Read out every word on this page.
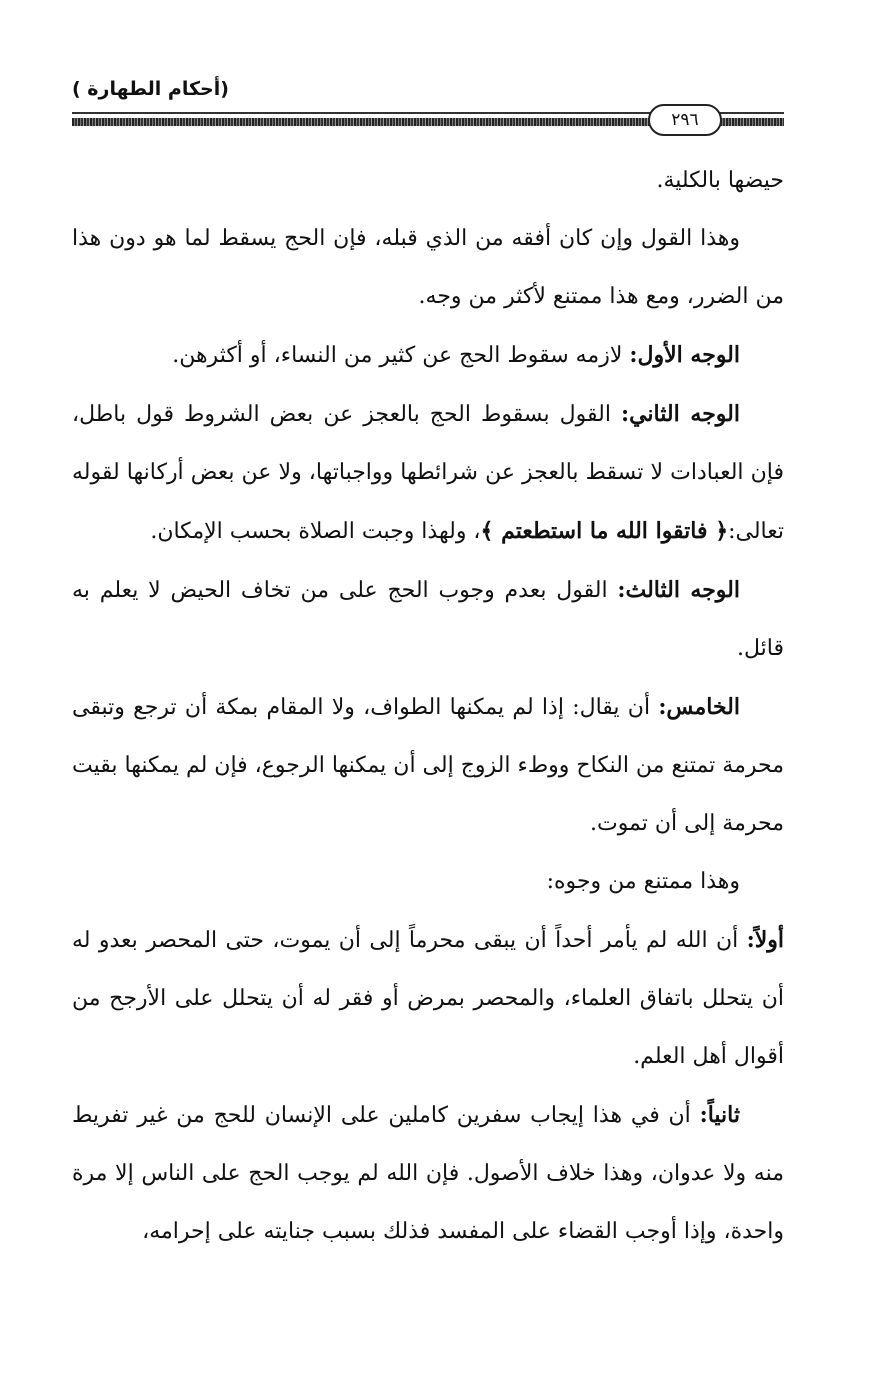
(أحكام الطهارة )
٢٩٦

حيضها بالكلية.

وهذا القول وإن كان أفقه من الذي قبله، فإن الحج يسقط لما هو دون هذا من الضرر، ومع هذا ممتنع لأكثر من وجه.

الوجه الأول: لازمه سقوط الحج عن كثير من النساء، أو أكثرهن.

الوجه الثاني: القول بسقوط الحج بالعجز عن بعض الشروط قول باطل، فإن العبادات لا تسقط بالعجز عن شرائطها وواجباتها، ولا عن بعض أركانها لقوله تعالى:﴿ فاتقوا الله ما استطعتم ﴾، ولهذا وجبت الصلاة بحسب الإمكان.

الوجه الثالث: القول بعدم وجوب الحج على من تخاف الحيض لا يعلم به قائل.

الخامس: أن يقال: إذا لم يمكنها الطواف، ولا المقام بمكة أن ترجع وتبقى محرمة تمتنع من النكاح ووطء الزوج إلى أن يمكنها الرجوع، فإن لم يمكنها بقيت محرمة إلى أن تموت.

وهذا ممتنع من وجوه:

أولاً: أن الله لم يأمر أحداً أن يبقى محرماً إلى أن يموت، حتى المحصر بعدو له أن يتحلل باتفاق العلماء، والمحصر بمرض أو فقر له أن يتحلل على الأرجح من أقوال أهل العلم.

ثانياً: أن في هذا إيجاب سفرين كاملين على الإنسان للحج من غير تفريط منه ولا عدوان، وهذا خلاف الأصول. فإن الله لم يوجب الحج على الناس إلا مرة واحدة، وإذا أوجب القضاء على المفسد فذلك بسبب جنايته على إحرامه،
